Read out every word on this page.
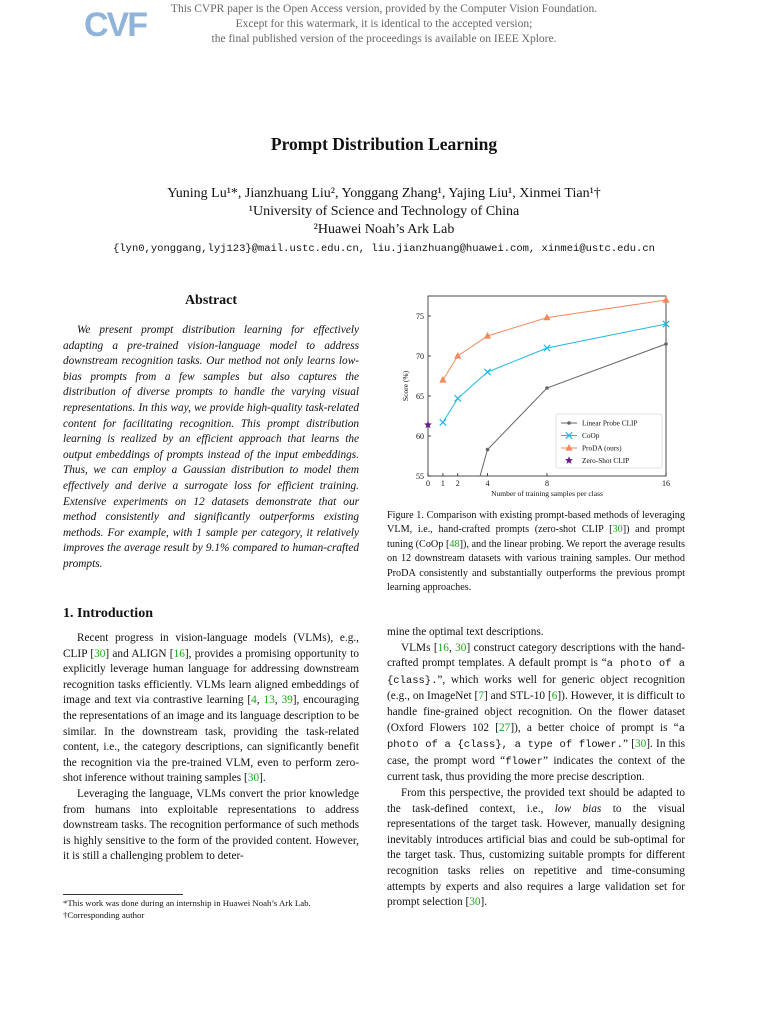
CVF	This CVPR paper is the Open Access version, provided by the Computer Vision Foundation.
Except for this watermark, it is identical to the accepted version;
the final published version of the proceedings is available on IEEE Xplore.
Prompt Distribution Learning
Yuning Lu¹*, Jianzhuang Liu², Yonggang Zhang¹, Yajing Liu¹, Xinmei Tian¹†
¹University of Science and Technology of China
²Huawei Noah’s Ark Lab
{lyn0,yonggang,lyj123}@mail.ustc.edu.cn, liu.jianzhuang@huawei.com, xinmei@ustc.edu.cn
Abstract

We present prompt distribution learning for effectively adapting a pre-trained vision-language model to address downstream recognition tasks. Our method not only learns low-bias prompts from a few samples but also captures the distribution of diverse prompts to handle the varying visual representations. In this way, we provide high-quality task-related content for facilitating recognition. This prompt distribution learning is realized by an efficient approach that learns the output embeddings of prompts instead of the input embeddings. Thus, we can employ a Gaussian distribution to model them effectively and derive a surrogate loss for efficient training. Extensive experiments on 12 datasets demonstrate that our method consistently and significantly outperforms existing methods. For example, with 1 sample per category, it relatively improves the average result by 9.1% compared to human-crafted prompts.

0 1 2	4	8	16
55
60
65
70
75
Number of training samples per class
Score (%)
Linear Probe CLIP
CoOp
ProDA (ours)
Zero-Shot CLIP

Figure 1. Comparison with existing prompt-based methods of leveraging VLM, i.e., hand-crafted prompts (zero-shot CLIP [30]) and prompt tuning (CoOp [48]), and the linear probing. We report the average results on 12 downstream datasets with various training samples. Our method ProDA consistently and substantially outperforms the previous prompt learning approaches.

1. Introduction

Recent progress in vision-language models (VLMs), e.g., CLIP [30] and ALIGN [16], provides a promising opportunity to explicitly leverage human language for addressing downstream recognition tasks efficiently. VLMs learn aligned embeddings of image and text via contrastive learning [4, 13, 39], encouraging the representations of an image and its language description to be similar. In the downstream task, providing the task-related content, i.e., the category descriptions, can significantly benefit the recognition via the pre-trained VLM, even to perform zero-shot inference without training samples [30].

Leveraging the language, VLMs convert the prior knowledge from humans into exploitable representations to address downstream tasks. The recognition performance of such methods is highly sensitive to the form of the provided content. However, it is still a challenging problem to deter-

*This work was done during an internship in Huawei Noah’s Ark Lab.
†Corresponding author

mine the optimal text descriptions.

VLMs [16, 30] construct category descriptions with the hand-crafted prompt templates. A default prompt is “a photo of a {class}.”, which works well for generic object recognition (e.g., on ImageNet [7] and STL-10 [6]). However, it is difficult to handle fine-grained object recognition. On the flower dataset (Oxford Flowers 102 [27]), a better choice of prompt is “a photo of a {class}, a type of flower.” [30]. In this case, the prompt word “flower” indicates the context of the current task, thus providing the more precise description.

From this perspective, the provided text should be adapted to the task-defined context, i.e., low bias to the visual representations of the target task. However, manually designing inevitably introduces artificial bias and could be sub-optimal for the target task. Thus, customizing suitable prompts for different recognition tasks relies on repetitive and time-consuming attempts by experts and also requires a large validation set for prompt selection [30].
